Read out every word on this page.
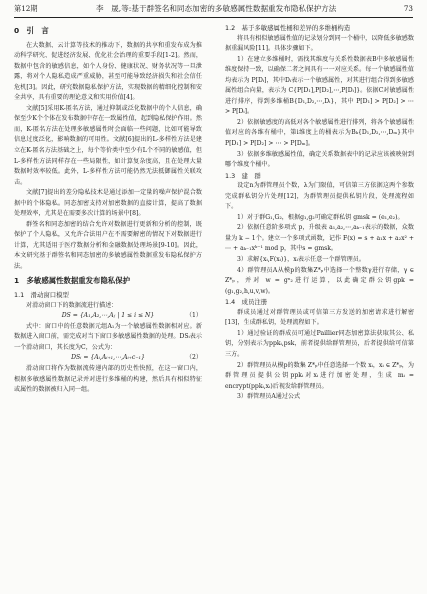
第12期	李　晟,等:基于群签名和同态加密的多敏感属性数据重发布隐私保护方法	73
0　引　言

在大数据、云计算等技术的推动下，数据的共享和重发布成为推动科学研究、促进经济发展、优化社会治理的重要手段[1-2]。然而，数据中包含的敏感信息，如个人身份、健康状况、财务状况等一旦泄露，将对个人隐私造成严重威胁，甚至可能导致经济损失和社会信任危机[3]。因此，研究数据隐私保护方法，实现数据的精细化控制和安全共享，具有重要的理论意义和实用价值[4]。

文献[5]采用K-匿名方法，通过抑制或泛化数据中的个人信息，确保至少K个个体在发布数据中存在一致属性值，起到隐私保护作用。然而，K-匿名方法在处理多敏感属性时会面临一些问题，比如可能导致信息过度泛化，影响数据的可用性。文献[6]提出的L-多样性方法是建立在K-匿名方法基础之上，每个等价类中至少有L个不同的敏感值，但L-多样性方法同样存在一些局限性，如计算复杂度高，且在处理大量数据时效率较低。此外，L-多样性方法可能仍然无法抵御属性关联攻击。

文献[7]提出的差分隐私技术是通过添加一定量的噪声保护混合数据中的个体隐私。同态加密支持对加密数据的直接计算，提高了数据处理效率，尤其是在需要多次计算的场景中[8]。

群签名和同态加密的结合允许对数据进行更新和分析的控制，既保护了个人隐私，又允许合法用户在不需要解密的情况下对数据进行计算，尤其适用于医疗数据分析和金融数据处理场景[9-10]。因此，本文研究基于群签名和同态加密的多敏感属性数据重发布隐私保护方法。

1　多敏感属性数据重发布隐私保护
1.1　滑动窗口模型

对滑动窗口下的数据流进行描述：

DS = {A₁,A₂,⋯,Aⱼ | 1 ≤ i ≤ N}	（1）

式中：窗口中的任意数据元组A₁为一个敏感属性数据相对应。新数据进入窗口前，需完成对当下窗口多敏感属性数据的处理。DSᵢ表示一个滑动窗口，其长度为C，公式为：

DSᵢ = {Aᵢ,Aᵢ₊₁,⋯,Aᵢ₊c₋₁}	（2）

滑动窗口将作为数据流传递内部的历史性快照，在这一窗口内，根据多敏感属性数据记录并对进行多维桶的构建，然后具有相似特征或属性的数据被归入同一组。

1.2　基于多敏感属性桶和差异的多维桶构造

将具有相似敏感属性值的记录划分到同一个桶中，以降低多敏感数据重漏风险[11]。具体步骤如下。

1）在建立多维桶时，需找其维度与关系性数据表B中多敏感属性维度保持一致，以确保二者之间具有一一对应关系。每一个敏感属性值均表示为 P[Dᵢ]，其中Dᵢ表示一个敏感属性，对其进行组合得到多敏感属性组合向量，表示为 C{P[D₁],P[D₂],⋯,P[Dᵢ]}。依据C对敏感属性进行排序，得到多维桶B{D₁,D₂,⋯,Dᵢ}，其中 P[D₁] > P[D₂] > ⋯ > P[Dᵢ]。

2）依据敏感度的高低对各个敏感属性进行排列，将各个敏感属性值对应的各维有桶中，第i维度上的桶表示为Bₖ{D₁,D₂,⋯,Dₘ}其中P[D₁] > P[D₂] > ⋯ > P[Dₘ]。

3）依据多维敏感属性值，确定关系数据表中的记录应该被映射到哪个维度个桶中。

1.3　建　群

设定n为群管理员个数，λ为门限值，可信第三方依据这两个参数完成群私钥分片处理[12]，为群管理员提供私钥片段，处理流程如下。

1）对于群G₁,G₂，根据g₁,g₂可确定群私钥 gmsk = (e₁,e₂)。

2）依据任意阶多项式 p，升级表 a₁,a₂,⋯,aₖ₋₁表示的数据，众数量为 k − 1个。建立一个多项式函数，记作 F(x) = s + a₁x + a₂x² + ⋯ + aₖ₋₁xᵏ⁻¹ mod p，其中s = gmsk。

3）求解{xᵢ,F(xᵢ)}，xᵢ表示任意一个群管理员。

4）群管理员A从模p的数集Z*ₚ中选择一个整数γ进行存储，γ ∈ Z*ₚ，并对 w = gⁿ₂进行运算，以此确定群公钥gpk = (g₁,g₂,h,u,v,w)。

1.4　成员注册

群成员通过对群管理员或可信第三方发送的加密请求进行解密[13]，生成群私钥，处理流程如下。

1）通过验证的群成员可通过Paillier同态加密算法获取其公、私钥，分别表示为ppkᵢ,psk，前者提供给群管理员，后者提供给可信第三方。

2）群管理员从模p的数集 Z*ₚ中任意选择一个数 xᵢ，xᵢ ∈ Z*ₚ，为群管理员提供公钥ppkᵢ对xᵢ进行加密处理，生成 mᵢ = encrypt(ppkᵢ,xᵢ)后视发给群管理员。

3）群管理员A通过公式
